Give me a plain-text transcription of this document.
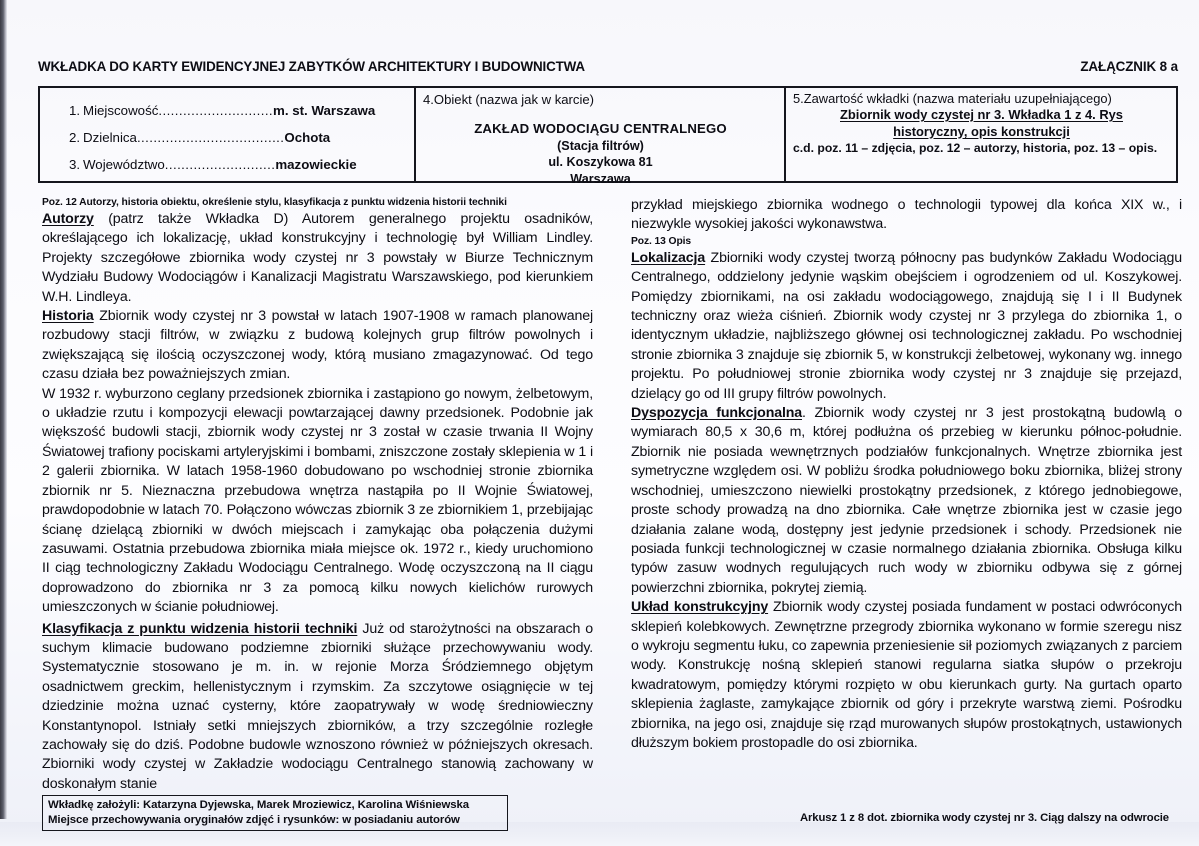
WKŁADKA DO KARTY EWIDENCYJNEJ ZABYTKÓW ARCHITEKTURY I BUDOWNICTWA	ZAŁĄCZNIK 8 a
1. Miejscowość ............................ m. st. Warszawa
2. Dzielnica .................................... Ochota
3. Województwo ........................... mazowieckie
4.Obiekt (nazwa jak w karcie)
ZAKŁAD WODOCIĄGU CENTRALNEGO
(Stacja filtrów)
ul. Koszykowa 81
Warszawa
5.Zawartość wkładki (nazwa materiału uzupełniającego)
Zbiornik wody czystej nr 3. Wkładka 1 z 4. Rys
historyczny, opis konstrukcji
c.d. poz. 11 – zdjęcia, poz. 12 – autorzy, historia, poz. 13 – opis.
Poz. 12 Autorzy, historia obiektu, określenie stylu, klasyfikacja z punktu widzenia historii techniki

Autorzy (patrz także Wkładka D) Autorem generalnego projektu osadników, określającego ich lokalizację, układ konstrukcyjny i technologię był William Lindley. Projekty szczegółowe zbiornika wody czystej nr 3 powstały w Biurze Technicznym Wydziału Budowy Wodociągów i Kanalizacji Magistratu Warszawskiego, pod kierunkiem W.H. Lindleya.

Historia Zbiornik wody czystej nr 3 powstał w latach 1907-1908 w ramach planowanej rozbudowy stacji filtrów, w związku z budową kolejnych grup filtrów powolnych i zwiększającą się ilością oczyszczonej wody, którą musiano zmagazynować. Od tego czasu działa bez poważniejszych zmian.

W 1932 r. wyburzono ceglany przedsionek zbiornika i zastąpiono go nowym, żelbetowym, o układzie rzutu i kompozycji elewacji powtarzającej dawny przedsionek. Podobnie jak większość budowli stacji, zbiornik wody czystej nr 3 został w czasie trwania II Wojny Światowej trafiony pociskami artyleryjskimi i bombami, zniszczone zostały sklepienia w 1 i 2 galerii zbiornika. W latach 1958-1960 dobudowano po wschodniej stronie zbiornika zbiornik nr 5. Nieznaczna przebudowa wnętrza nastąpiła po II Wojnie Światowej, prawdopodobnie w latach 70. Połączono wówczas zbiornik 3 ze zbiornikiem 1, przebijając ścianę dzielącą zbiorniki w dwóch miejscach i zamykając oba połączenia dużymi zasuwami. Ostatnia przebudowa zbiornika miała miejsce ok. 1972 r., kiedy uruchomiono II ciąg technologiczny Zakładu Wodociągu Centralnego. Wodę oczyszczoną na II ciągu doprowadzono do zbiornika nr 3 za pomocą kilku nowych kielichów rurowych umieszczonych w ścianie południowej.

Klasyfikacja z punktu widzenia historii techniki Już od starożytności na obszarach o suchym klimacie budowano podziemne zbiorniki służące przechowywaniu wody. Systematycznie stosowano je m. in. w rejonie Morza Śródziemnego objętym osadnictwem greckim, hellenistycznym i rzymskim. Za szczytowe osiągnięcie w tej dziedzinie można uznać cysterny, które zaopatrywały w wodę średniowieczny Konstantynopol. Istniały setki mniejszych zbiorników, a trzy szczególnie rozległe zachowały się do dziś. Podobne budowle wznoszono również w późniejszych okresach. Zbiorniki wody czystej w Zakładzie wodociągu Centralnego stanowią zachowany w doskonałym stanie

przykład miejskiego zbiornika wodnego o technologii typowej dla końca XIX w., i niezwykle wysokiej jakości wykonawstwa.

Poz. 13 Opis

Lokalizacja Zbiorniki wody czystej tworzą północny pas budynków Zakładu Wodociągu Centralnego, oddzielony jedynie wąskim obejściem i ogrodzeniem od ul. Koszykowej. Pomiędzy zbiornikami, na osi zakładu wodociągowego, znajdują się I i II Budynek techniczny oraz wieża ciśnień. Zbiornik wody czystej nr 3 przylega do zbiornika 1, o identycznym układzie, najbliższego głównej osi technologicznej zakładu. Po wschodniej stronie zbiornika 3 znajduje się zbiornik 5, w konstrukcji żelbetowej, wykonany wg. innego projektu. Po południowej stronie zbiornika wody czystej nr 3 znajduje się przejazd, dzielący go od III grupy filtrów powolnych.

Dyspozycja funkcjonalna. Zbiornik wody czystej nr 3 jest prostokątną budowlą o wymiarach 80,5 x 30,6 m, której podłużna oś przebieg w kierunku północ-południe. Zbiornik nie posiada wewnętrznych podziałów funkcjonalnych. Wnętrze zbiornika jest symetryczne względem osi. W pobliżu środka południowego boku zbiornika, bliżej strony wschodniej, umieszczono niewielki prostokątny przedsionek, z którego jednobiegowe, proste schody prowadzą na dno zbiornika. Całe wnętrze zbiornika jest w czasie jego działania zalane wodą, dostępny jest jedynie przedsionek i schody. Przedsionek nie posiada funkcji technologicznej w czasie normalnego działania zbiornika. Obsługa kilku typów zasuw wodnych regulujących ruch wody w zbiorniku odbywa się z górnej powierzchni zbiornika, pokrytej ziemią.

Układ konstrukcyjny Zbiornik wody czystej posiada fundament w postaci odwróconych sklepień kolebkowych. Zewnętrzne przegrody zbiornika wykonano w formie szeregu nisz o wykroju segmentu łuku, co zapewnia przeniesienie sił poziomych związanych z parciem wody. Konstrukcję nośną sklepień stanowi regularna siatka słupów o przekroju kwadratowym, pomiędzy którymi rozpięto w obu kierunkach gurty. Na gurtach oparto sklepienia żaglaste, zamykające zbiornik od góry i przekryte warstwą ziemi. Pośrodku zbiornika, na jego osi, znajduje się rząd murowanych słupów prostokątnych, ustawionych dłuższym bokiem prostopadle do osi zbiornika.

Wkładkę założyli: Katarzyna Dyjewska, Marek Mroziewicz, Karolina Wiśniewska
Miejsce przechowywania oryginałów zdjęć i rysunków: w posiadaniu autorów	Arkusz 1 z 8 dot. zbiornika wody czystej nr 3. Ciąg dalszy na odwrocie
